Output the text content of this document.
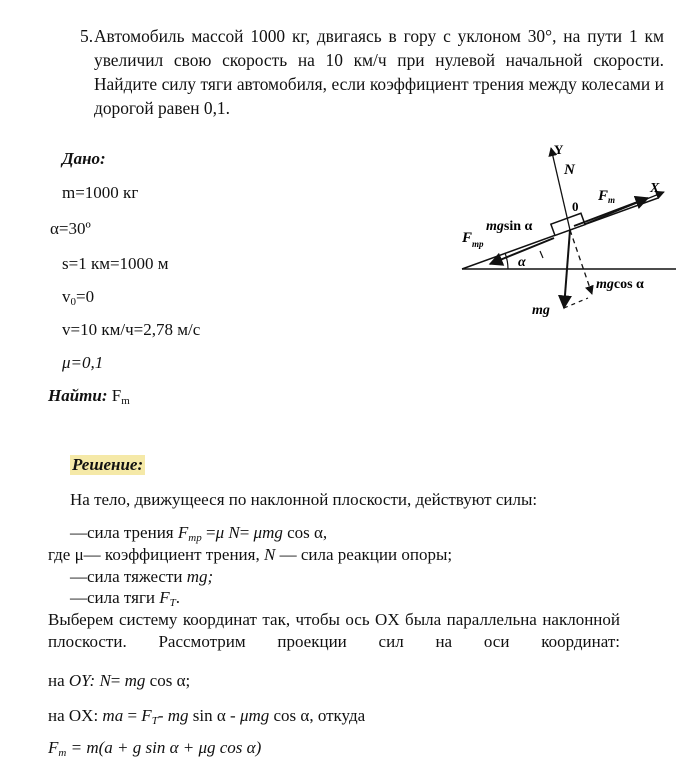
5. Автомобиль массой 1000 кг, двигаясь в гору с уклоном 30°, на пути 1 км увеличил свою скорость на 10 км/ч при нулевой начальной скорости. Найдите силу тяги автомобиля, если коэффициент трения между колесами и дорогой равен 0,1.
Дано:
m=1000 кг
α=30º
s=1 км=1000 м
$v_0=0$
v=10 км/ч=2,78 м/с
μ=0,1
Найти: $F_m$
Y
N
X
$F_т$
0
mgsin α
$F_{тр}$
α
mgcos α
mg
Решение:
На тело, движущееся по наклонной плоскости, действуют силы:
—сила трения $F_{тр} =\mu$ N= μmg cos α,
где μ— коэффициент трения, N — сила реакции опоры;
—сила тяжести mg;
—сила тяги $F_T$.
Выберем систему координат так, чтобы ось OX была параллельна наклонной плоскости. Рассмотрим проекции сил на оси координат:
на OY: N= mg cos α;
на OX: ma = $F_T-$ mg sin α - μmg cos α, откуда
$F_m = m(a + g$ sin α + μg cos α)
